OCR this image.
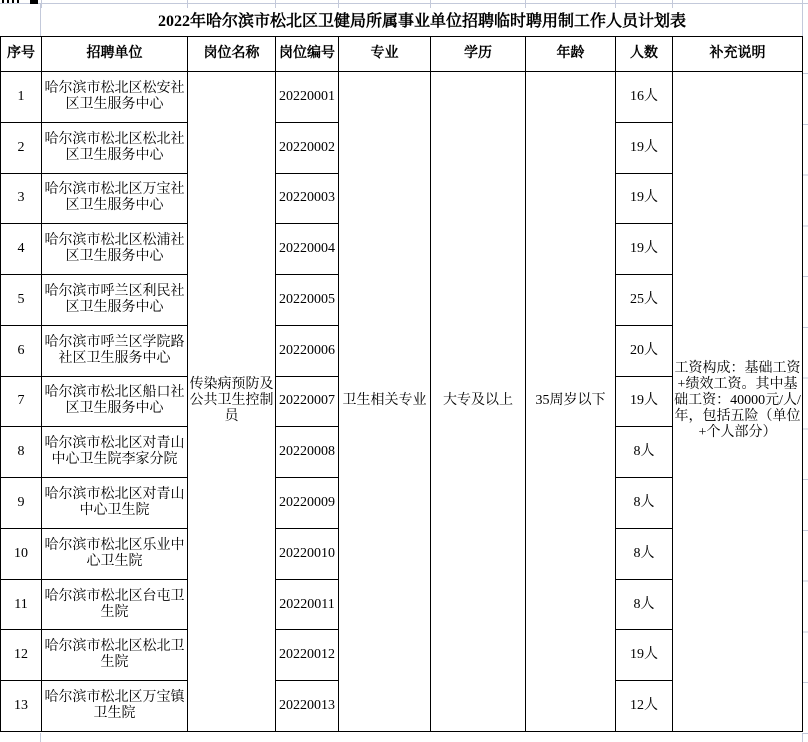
	2022年哈尔滨市松北区卫健局所属事业单位招聘临时聘用制工作人员计划表							
序号	招聘单位	岗位名称	岗位编号	专业	学历	年龄	人数	补充说明
1	哈尔滨市松北区松安社区卫生服务中心	传染病预防及公共卫生控制员	20220001	卫生相关专业	大专及以上	35周岁以下	16人	工资构成：基础工资+绩效工资。其中基础工资：40000元/人/年，包括五险（单位+个人部分）
2	哈尔滨市松北区松北社区卫生服务中心		20220002				19人	
3	哈尔滨市松北区万宝社区卫生服务中心		20220003				19人	
4	哈尔滨市松北区松浦社区卫生服务中心		20220004				19人	
5	哈尔滨市呼兰区利民社区卫生服务中心		20220005				25人	
6	哈尔滨市呼兰区学院路社区卫生服务中心		20220006				20人	
7	哈尔滨市松北区船口社区卫生服务中心		20220007				19人	
8	哈尔滨市松北区对青山中心卫生院李家分院		20220008				8人	
9	哈尔滨市松北区对青山中心卫生院		20220009				8人	
10	哈尔滨市松北区乐业中心卫生院		20220010				8人	
11	哈尔滨市松北区台屯卫生院		20220011				8人	
12	哈尔滨市松北区松北卫生院		20220012				19人	
13	哈尔滨市松北区万宝镇卫生院		20220013				12人	
